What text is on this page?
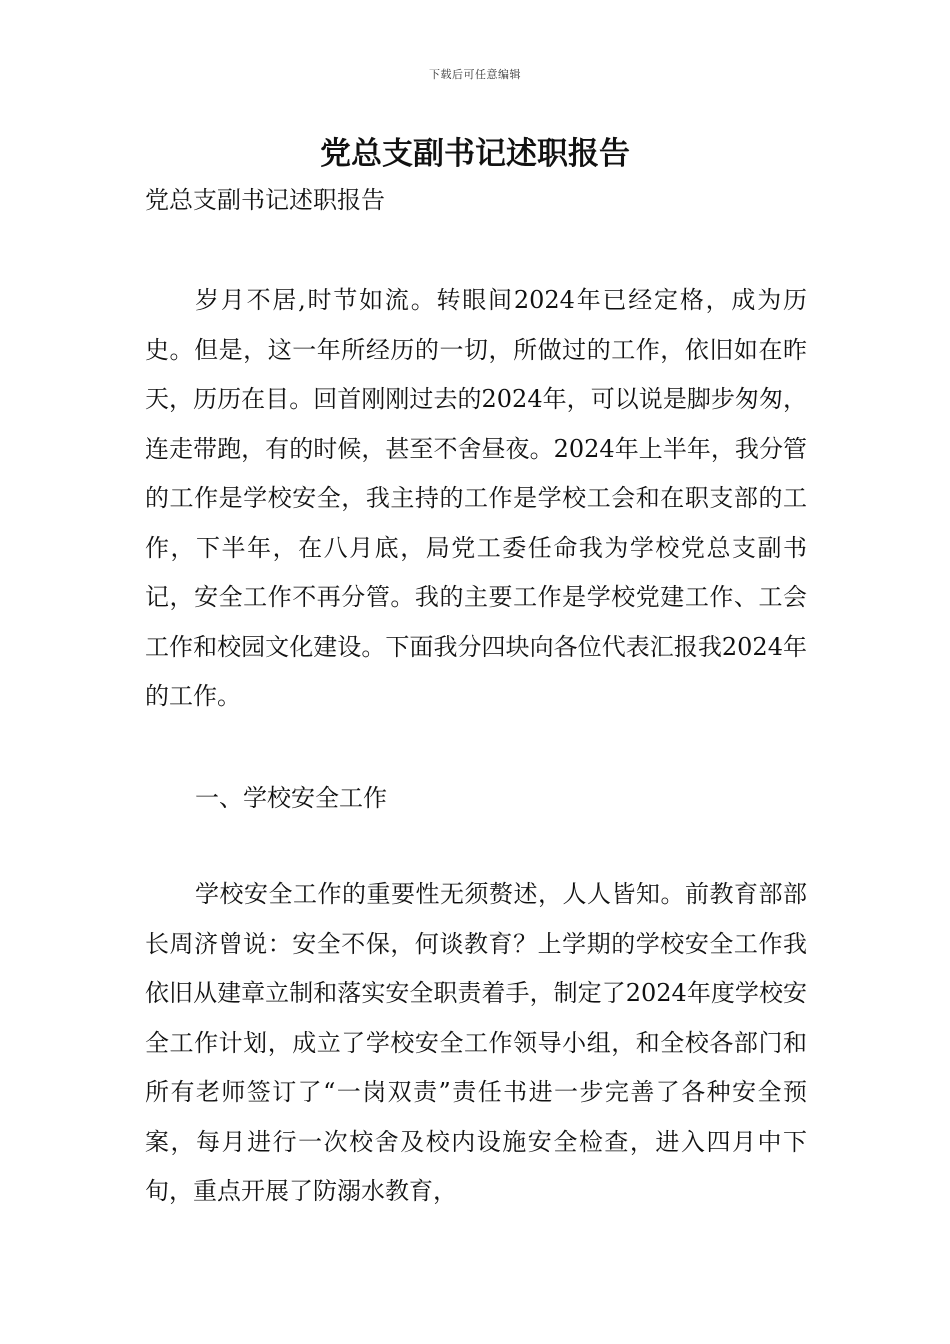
下载后可任意编辑
党总支副书记述职报告

党总支副书记述职报告

岁月不居,时节如流。转眼间2024年已经定格，成为历史。但是，这一年所经历的一切，所做过的工作，依旧如在昨天，历历在目。回首刚刚过去的2024年，可以说是脚步匆匆，连走带跑，有的时候，甚至不舍昼夜。2024年上半年，我分管的工作是学校安全，我主持的工作是学校工会和在职支部的工作，下半年，在八月底，局党工委任命我为学校党总支副书记，安全工作不再分管。我的主要工作是学校党建工作、工会工作和校园文化建设。下面我分四块向各位代表汇报我2024年的工作。

一、学校安全工作

学校安全工作的重要性无须赘述，人人皆知。前教育部部长周济曾说：安全不保，何谈教育？上学期的学校安全工作我依旧从建章立制和落实安全职责着手，制定了2024年度学校安全工作计划，成立了学校安全工作领导小组，和全校各部门和所有老师签订了“一岗双责”责任书进一步完善了各种安全预案，每月进行一次校舍及校内设施安全检查，进入四月中下旬，重点开展了防溺水教育，
